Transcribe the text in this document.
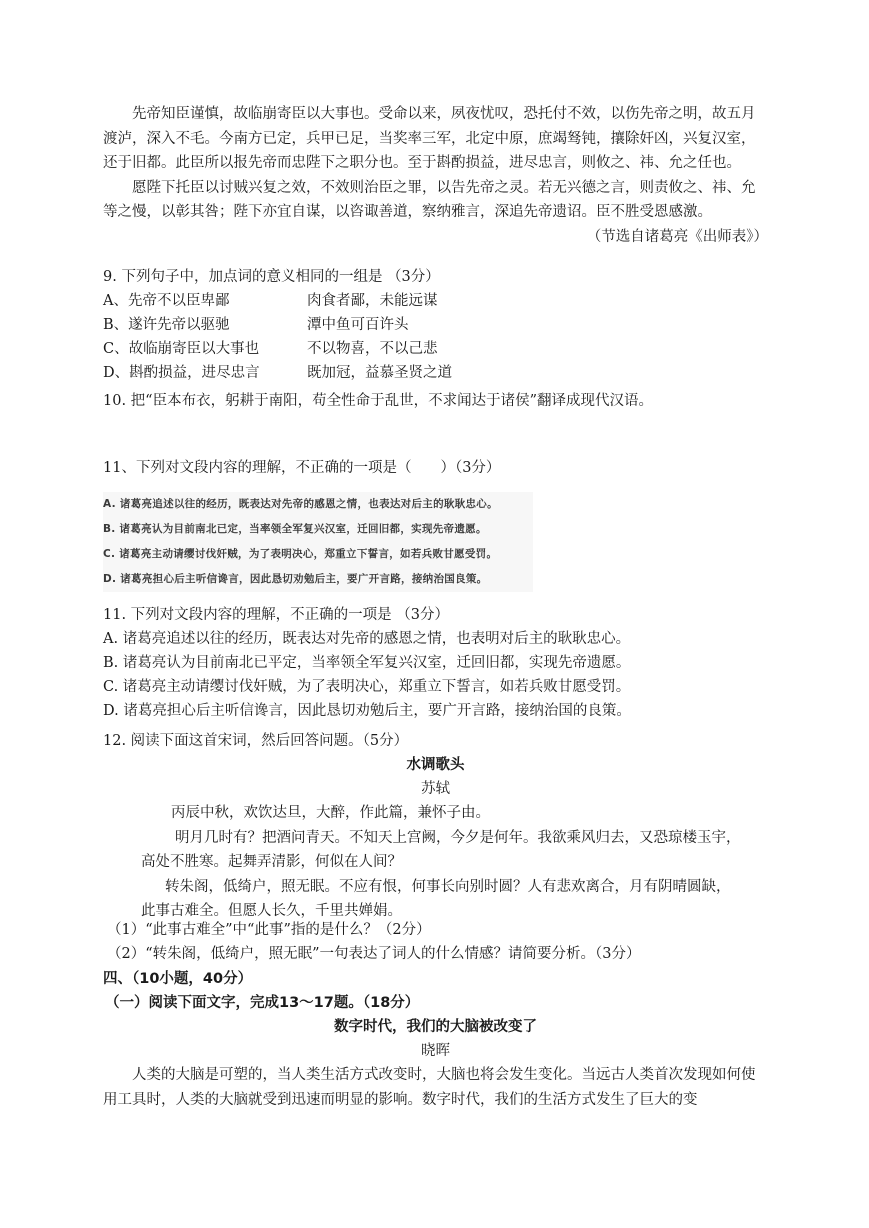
先帝知臣谨慎，故临崩寄臣以大事也。受命以来，夙夜忧叹，恐托付不效，以伤先帝之明，故五月渡泸，深入不毛。今南方已定，兵甲已足，当奖率三军，北定中原，庶竭驽钝，攘除奸凶，兴复汉室，还于旧都。此臣所以报先帝而忠陛下之职分也。至于斟酌损益，进尽忠言，则攸之、祎、允之任也。

愿陛下托臣以讨贼兴复之效，不效则治臣之罪，以告先帝之灵。若无兴德之言，则责攸之、祎、允等之慢，以彰其咎；陛下亦宜自谋，以咨诹善道，察纳雅言，深追先帝遗诏。臣不胜受恩感激。

（节选自诸葛亮《出师表》）

9. 下列句子中，加点词的意义相同的一组是 （3分）

A、先帝不以臣卑鄙	肉食者鄙，未能远谋
B、遂许先帝以驱驰	潭中鱼可百许头
C、故临崩寄臣以大事也	不以物喜，不以己悲
D、斟酌损益，进尽忠言	既加冠，益慕圣贤之道

10. 把“臣本布衣，躬耕于南阳，苟全性命于乱世，不求闻达于诸侯”翻译成现代汉语。

11、下列对文段内容的理解，不正确的一项是（　　）（3分）

A. 诸葛亮追述以往的经历，既表达对先帝的感恩之情，也表达对后主的耿耿忠心。
B. 诸葛亮认为目前南北已定，当率领全军复兴汉室，迁回旧都，实现先帝遗愿。
C. 诸葛亮主动请缨讨伐奸贼，为了表明决心，郑重立下誓言，如若兵败甘愿受罚。
D. 诸葛亮担心后主听信谗言，因此恳切劝勉后主，要广开言路，接纳治国良策。

11. 下列对文段内容的理解，不正确的一项是 （3分）

A. 诸葛亮追述以往的经历，既表达对先帝的感恩之情，也表明对后主的耿耿忠心。

B. 诸葛亮认为目前南北已平定，当率领全军复兴汉室，迁回旧都，实现先帝遗愿。

C. 诸葛亮主动请缨讨伐奸贼，为了表明决心，郑重立下誓言，如若兵败甘愿受罚。

D. 诸葛亮担心后主听信谗言，因此恳切劝勉后主，要广开言路，接纳治国的良策。

12. 阅读下面这首宋词，然后回答问题。（5分）

水调歌头

苏轼

丙辰中秋，欢饮达旦，大醉，作此篇，兼怀子由。

明月几时有？把酒问青天。不知天上宫阙，今夕是何年。我欲乘风归去，又恐琼楼玉宇，

高处不胜寒。起舞弄清影，何似在人间？

转朱阁，低绮户，照无眠。不应有恨，何事长向别时圆？人有悲欢离合，月有阴晴圆缺，

此事古难全。但愿人长久，千里共婵娟。

（1）“此事古难全”中“此事”指的是什么？（2分）

（2）“转朱阁，低绮户，照无眠”一句表达了词人的什么情感？请简要分析。（3分）

四、（10小题，40分）

（一）阅读下面文字，完成13～17题。（18分）

数字时代，我们的大脑被改变了

晓晖

人类的大脑是可塑的，当人类生活方式改变时，大脑也将会发生变化。当远古人类首次发现如何使用工具时，人类的大脑就受到迅速而明显的影响。数字时代，我们的生活方式发生了巨大的变
